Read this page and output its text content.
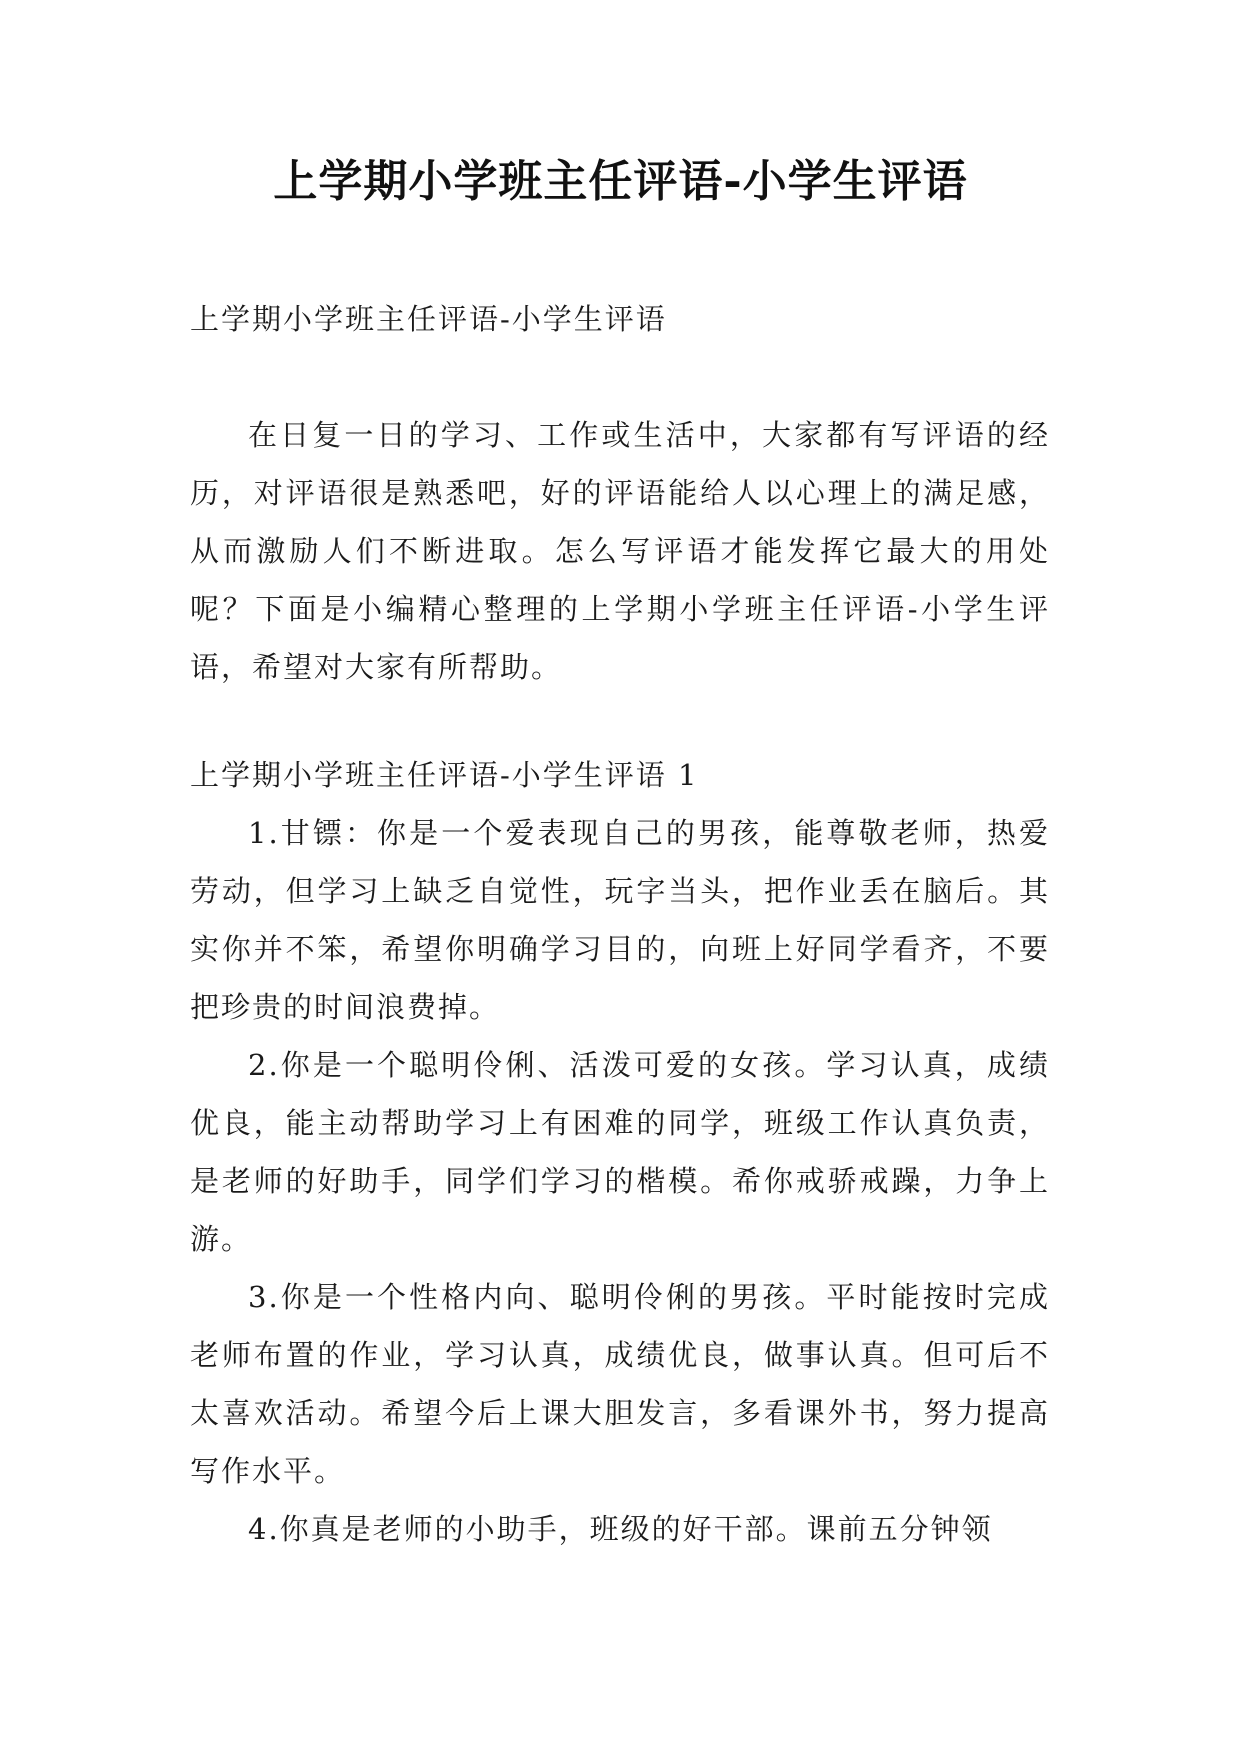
上学期小学班主任评语-小学生评语

上学期小学班主任评语-小学生评语

在日复一日的学习、工作或生活中，大家都有写评语的经历，对评语很是熟悉吧，好的评语能给人以心理上的满足感，从而激励人们不断进取。怎么写评语才能发挥它最大的用处呢？下面是小编精心整理的上学期小学班主任评语-小学生评语，希望对大家有所帮助。

上学期小学班主任评语-小学生评语 1

1.甘镖：你是一个爱表现自己的男孩，能尊敬老师，热爱劳动，但学习上缺乏自觉性，玩字当头，把作业丢在脑后。其实你并不笨，希望你明确学习目的，向班上好同学看齐，不要把珍贵的时间浪费掉。

2.你是一个聪明伶俐、活泼可爱的女孩。学习认真，成绩优良，能主动帮助学习上有困难的同学，班级工作认真负责，是老师的好助手，同学们学习的楷模。希你戒骄戒躁，力争上游。

3.你是一个性格内向、聪明伶俐的男孩。平时能按时完成老师布置的作业，学习认真，成绩优良，做事认真。但可后不太喜欢活动。希望今后上课大胆发言，多看课外书，努力提高写作水平。

4.你真是老师的小助手，班级的好干部。课前五分钟领
